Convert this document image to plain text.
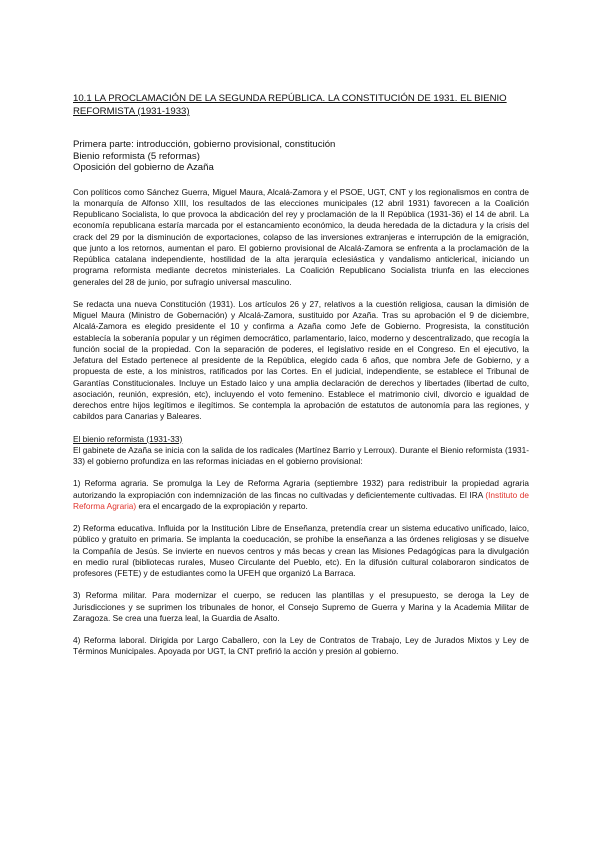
10.1 LA PROCLAMACIÓN DE LA SEGUNDA REPÚBLICA. LA CONSTITUCIÓN DE 1931. EL BIENIO REFORMISTA (1931-1933)
Primera parte: introducción, gobierno provisional, constitución
Bienio reformista (5 reformas)
Oposición del gobierno de Azaña

Con políticos como Sánchez Guerra, Miguel Maura, Alcalá-Zamora y el PSOE, UGT, CNT y los regionalismos en contra de la monarquía de Alfonso XIII, los resultados de las elecciones municipales (12 abril 1931) favorecen a la Coalición Republicano Socialista, lo que provoca la abdicación del rey y proclamación de la II República (1931-36) el 14 de abril. La economía republicana estaría marcada por el estancamiento económico, la deuda heredada de la dictadura y la crisis del crack del 29 por la disminución de exportaciones, colapso de las inversiones extranjeras e interrupción de la emigración, que junto a los retornos, aumentan el paro. El gobierno provisional de Alcalá-Zamora se enfrenta a la proclamación de la República catalana independiente, hostilidad de la alta jerarquía eclesiástica y vandalismo anticlerical, iniciando un programa reformista mediante decretos ministeriales. La Coalición Republicano Socialista triunfa en las elecciones generales del 28 de junio, por sufragio universal masculino.

Se redacta una nueva Constitución (1931). Los artículos 26 y 27, relativos a la cuestión religiosa, causan la dimisión de Miguel Maura (Ministro de Gobernación) y Alcalá-Zamora, sustituido por Azaña. Tras su aprobación el 9 de diciembre, Alcalá-Zamora es elegido presidente el 10 y confirma a Azaña como Jefe de Gobierno. Progresista, la constitución establecía la soberanía popular y un régimen democrático, parlamentario, laico, moderno y descentralizado, que recogía la función social de la propiedad. Con la separación de poderes, el legislativo reside en el Congreso. En el ejecutivo, la Jefatura del Estado pertenece al presidente de la República, elegido cada 6 años, que nombra Jefe de Gobierno, y a propuesta de este, a los ministros, ratificados por las Cortes. En el judicial, independiente, se establece el Tribunal de Garantías Constitucionales. Incluye un Estado laico y una amplia declaración de derechos y libertades (libertad de culto, asociación, reunión, expresión, etc), incluyendo el voto femenino. Establece el matrimonio civil, divorcio e igualdad de derechos entre hijos legítimos e ilegítimos. Se contempla la aprobación de estatutos de autonomía para las regiones, y cabildos para Canarias y Baleares.

El bienio reformista (1931-33)

El gabinete de Azaña se inicia con la salida de los radicales (Martínez Barrio y Lerroux). Durante el Bienio reformista (1931-33) el gobierno profundiza en las reformas iniciadas en el gobierno provisional:

1) Reforma agraria. Se promulga la Ley de Reforma Agraria (septiembre 1932) para redistribuir la propiedad agraria autorizando la expropiación con indemnización de las fincas no cultivadas y deficientemente cultivadas. El IRA (Instituto de Reforma Agraria) era el encargado de la expropiación y reparto.

2) Reforma educativa. Influida por la Institución Libre de Enseñanza, pretendía crear un sistema educativo unificado, laico, público y gratuito en primaria. Se implanta la coeducación, se prohíbe la enseñanza a las órdenes religiosas y se disuelve la Compañía de Jesús. Se invierte en nuevos centros y más becas y crean las Misiones Pedagógicas para la divulgación en medio rural (bibliotecas rurales, Museo Circulante del Pueblo, etc). En la difusión cultural colaboraron sindicatos de profesores (FETE) y de estudiantes como la UFEH que organizó La Barraca.

3) Reforma militar. Para modernizar el cuerpo, se reducen las plantillas y el presupuesto, se deroga la Ley de Jurisdicciones y se suprimen los tribunales de honor, el Consejo Supremo de Guerra y Marina y la Academia Militar de Zaragoza. Se crea una fuerza leal, la Guardia de Asalto.

4) Reforma laboral. Dirigida por Largo Caballero, con la Ley de Contratos de Trabajo, Ley de Jurados Mixtos y Ley de Términos Municipales. Apoyada por UGT, la CNT prefirió la acción y presión al gobierno.
